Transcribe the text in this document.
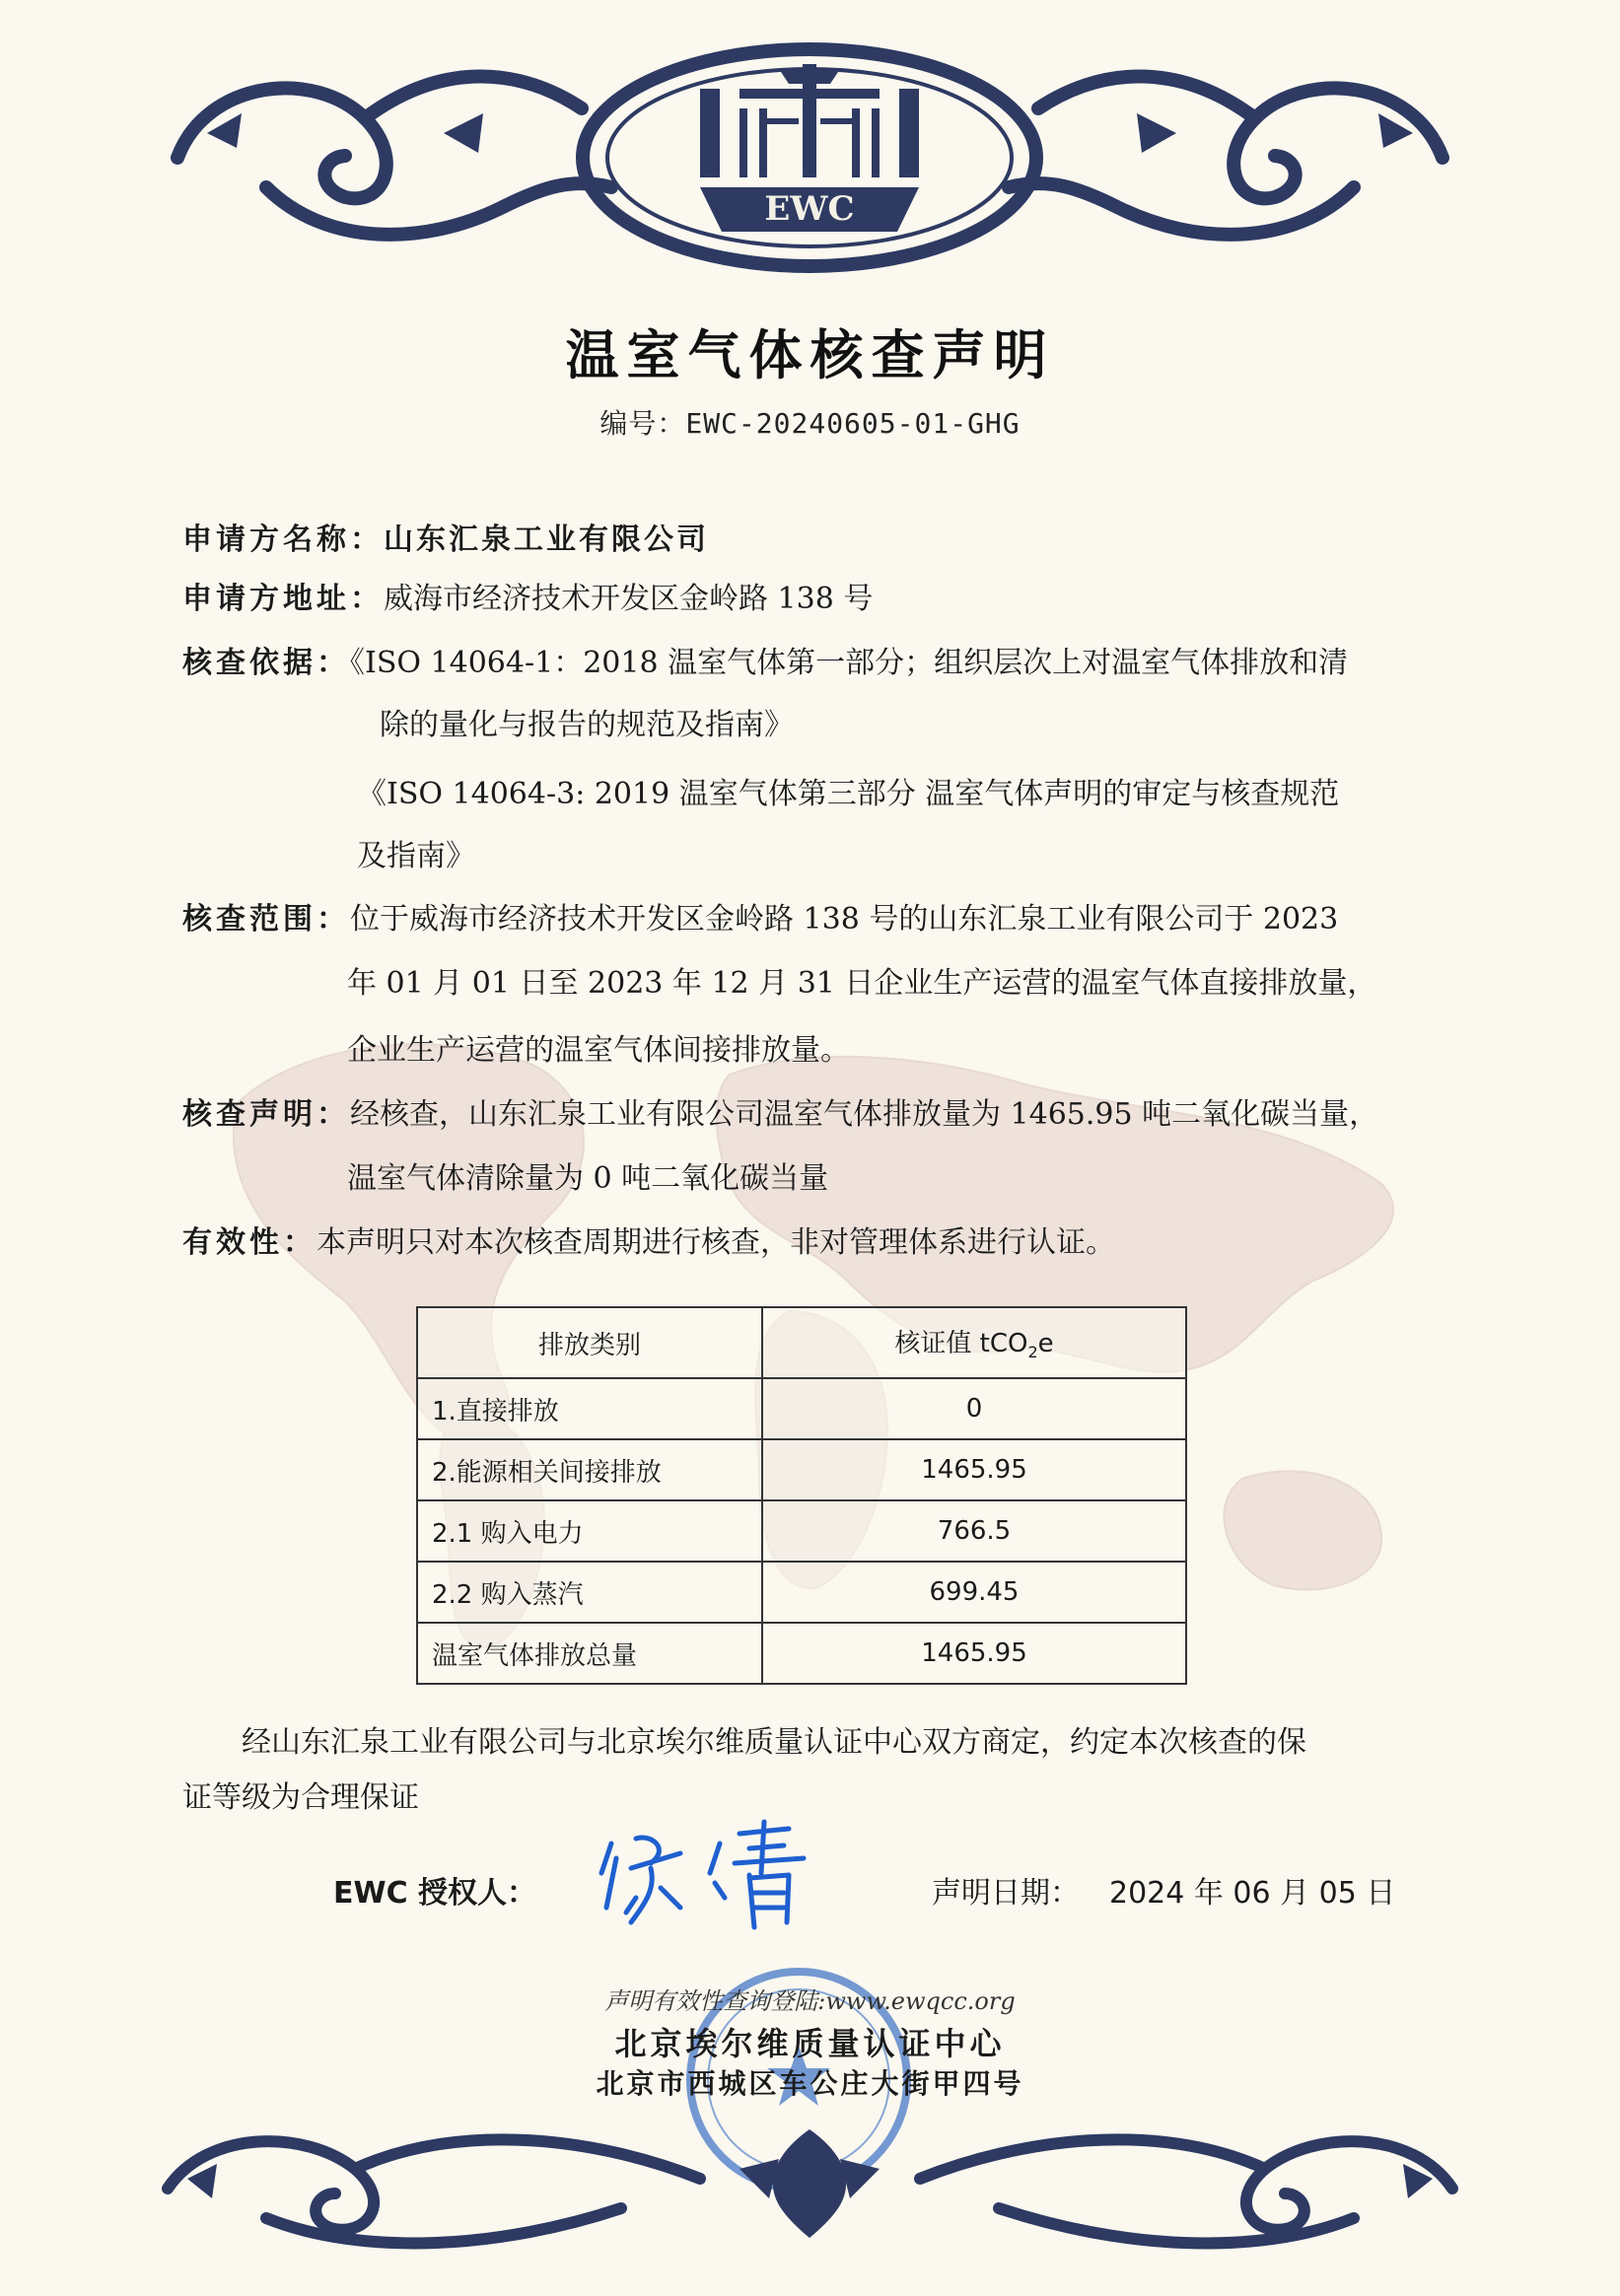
EWC
温室气体核查声明
编号：EWC-20240605-01-GHG
申请方名称：山东汇泉工业有限公司
申请方地址：威海市经济技术开发区金岭路 138 号
核查依据：《ISO 14064-1：2018 温室气体第一部分；组织层次上对温室气体排放和清
除的量化与报告的规范及指南》
《ISO 14064-3: 2019 温室气体第三部分 温室气体声明的审定与核查规范
及指南》
核查范围：位于威海市经济技术开发区金岭路 138 号的山东汇泉工业有限公司于 2023
年 01 月 01 日至 2023 年 12 月 31 日企业生产运营的温室气体直接排放量，
企业生产运营的温室气体间接排放量。
核查声明：经核查，山东汇泉工业有限公司温室气体排放量为 1465.95 吨二氧化碳当量，
温室气体清除量为 0 吨二氧化碳当量
有效性：本声明只对本次核查周期进行核查，非对管理体系进行认证。
排放类别	核证值 tCO$_2$e
1.直接排放	0
2.能源相关间接排放	1465.95
2.1 购入电力	766.5
2.2 购入蒸汽	699.45
温室气体排放总量	1465.95
经山东汇泉工业有限公司与北京埃尔维质量认证中心双方商定，约定本次核查的保
证等级为合理保证
EWC 授权人：	声明日期： 2024 年 06 月 05 日
声明有效性查询登陆:www.ewqcc.org
北京埃尔维质量认证中心
北京市西城区车公庄大街甲四号
